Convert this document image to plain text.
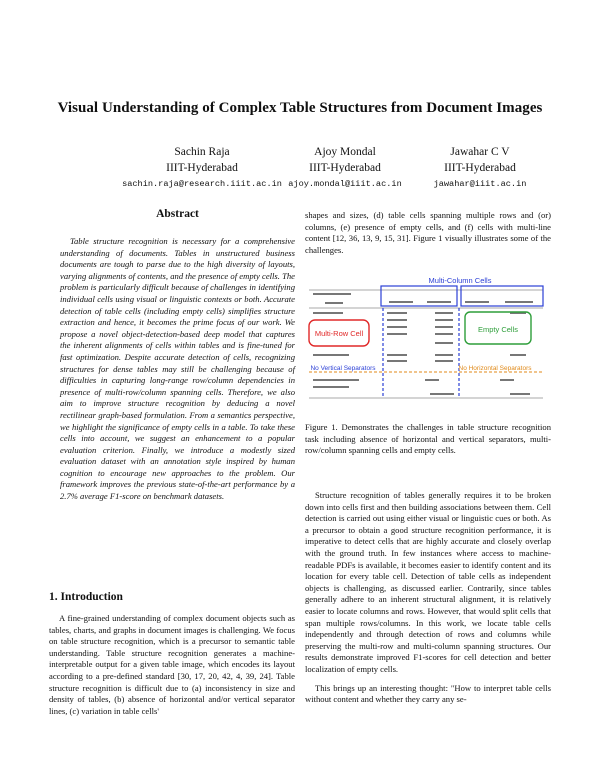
Visual Understanding of Complex Table Structures from Document Images
Sachin Raja
IIIT-Hyderabad
sachin.raja@research.iiit.ac.in
Ajoy Mondal
IIIT-Hyderabad
ajoy.mondal@iiit.ac.in
Jawahar C V
IIIT-Hyderabad
jawahar@iiit.ac.in
Abstract

Table structure recognition is necessary for a comprehensive understanding of documents. Tables in unstructured business documents are tough to parse due to the high diversity of layouts, varying alignments of contents, and the presence of empty cells. The problem is particularly difficult because of challenges in identifying individual cells using visual or linguistic contexts or both. Accurate detection of table cells (including empty cells) simplifies structure extraction and hence, it becomes the prime focus of our work. We propose a novel object-detection-based deep model that captures the inherent alignments of cells within tables and is fine-tuned for fast optimization. Despite accurate detection of cells, recognizing structures for dense tables may still be challenging because of difficulties in capturing long-range row/column dependencies in presence of multi-row/column spanning cells. Therefore, we also aim to improve structure recognition by deducing a novel rectilinear graph-based formulation. From a semantics perspective, we highlight the significance of empty cells in a table. To take these cells into account, we suggest an enhancement to a popular evaluation criterion. Finally, we introduce a modestly sized evaluation dataset with an annotation style inspired by human cognition to encourage new approaches to the problem. Our framework improves the previous state-of-the-art performance by a 2.7% average F1-score on benchmark datasets.

1. Introduction

A fine-grained understanding of complex document objects such as tables, charts, and graphs in document images is challenging. We focus on table structure recognition, which is a precursor to semantic table understanding. Table structure recognition generates a machine-interpretable output for a given table image, which encodes its layout according to a pre-defined standard [30, 17, 20, 42, 4, 39, 24]. Table structure recognition is difficult due to (a) inconsistency in size and density of tables, (b) absence of horizontal and/or vertical separator lines, (c) variation in table cells'

shapes and sizes, (d) table cells spanning multiple rows and (or) columns, (e) presence of empty cells, and (f) cells with multi-line content [12, 36, 13, 9, 15, 31]. Figure 1 visually illustrates some of the challenges.

Multi-Column Cells
Multi-Row Cell	Empty Cells
No Vertical Separators	No Horizontal Separators

Figure 1. Demonstrates the challenges in table structure recognition task including absence of horizontal and vertical separators, multi-row/column spanning cells and empty cells.

Structure recognition of tables generally requires it to be broken down into cells first and then building associations between them. Cell detection is carried out using either visual or linguistic cues or both. As a precursor to obtain a good structure recognition performance, it is imperative to detect cells that are highly accurate and closely overlap with the ground truth. In few instances where access to machine-readable PDFs is available, it becomes easier to identify content and its location for every table cell. Detection of table cells as independent objects is challenging, as discussed earlier. Contrarily, since tables generally adhere to an inherent structural alignment, it is relatively easier to locate columns and rows. However, that would split cells that span multiple rows/columns. In this work, we locate table cells independently and through detection of rows and columns while preserving the multi-row and multi-column spanning structures. Our results demonstrate improved F1-scores for cell detection and better localization of empty cells.

This brings up an interesting thought: "How to interpret table cells without content and whether they carry any se-
